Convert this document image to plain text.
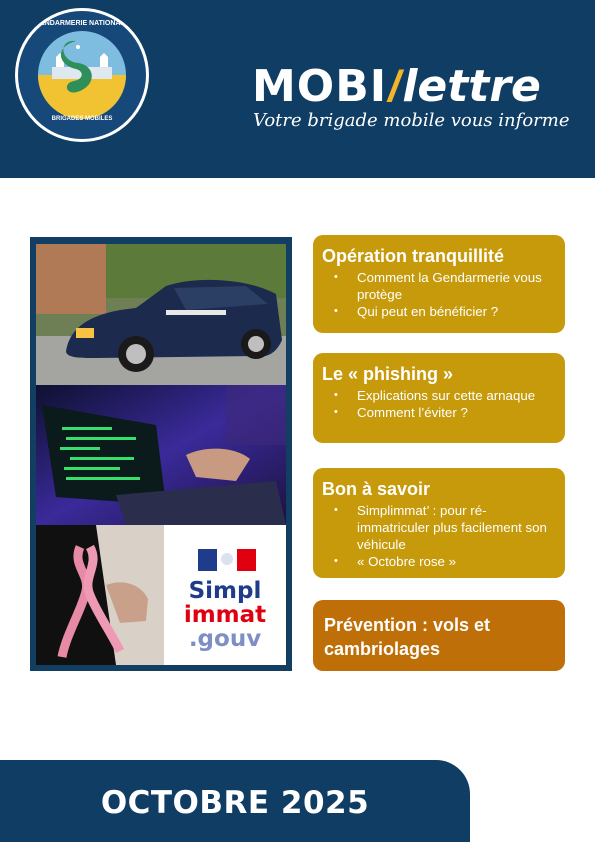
GENDARMERIE NATIONALE
BRIGADES MOBILES
MOBI/lettre
Votre brigade mobile vous informe
Simpl
immat
.gouv
Opération tranquillité
• Comment la Gendarmerie vous protège
• Qui peut en bénéficier ?
Le « phishing »
• Explications sur cette arnaque
• Comment l’éviter ?
Bon à savoir
• Simplimmat’ : pour ré-immatriculer plus facilement son véhicule
• « Octobre rose »
Prévention : vols et cambriolages
OCTOBRE 2025
